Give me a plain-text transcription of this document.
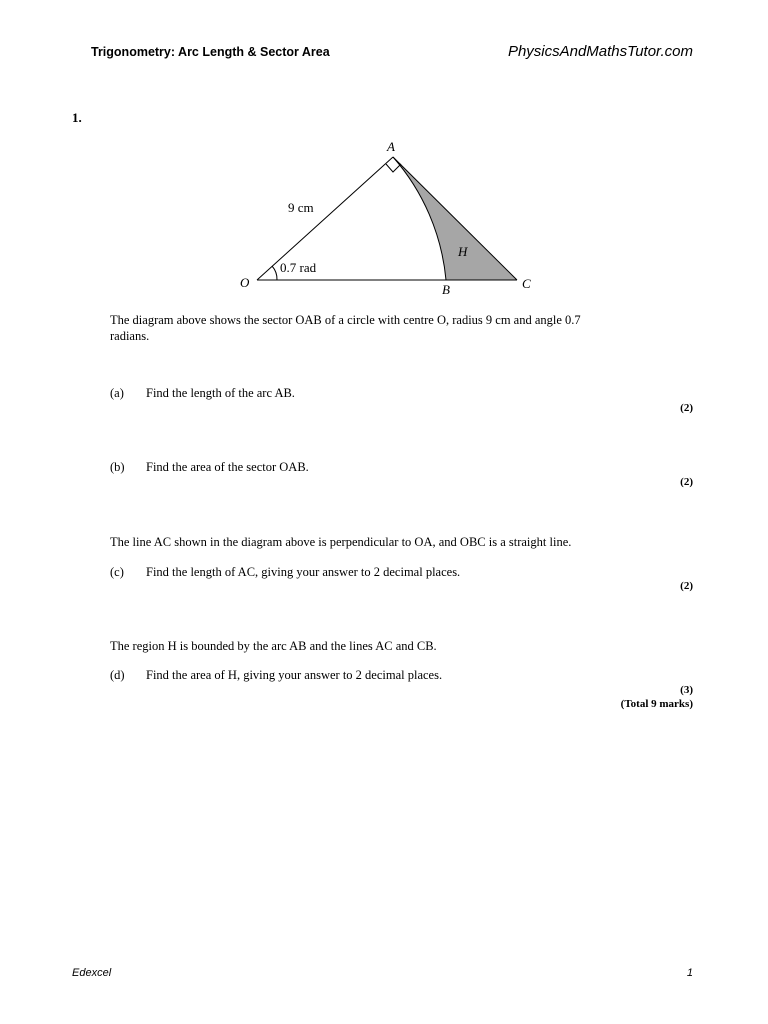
Trigonometry: Arc Length & Sector Area	PhysicsAndMathsTutor.com
1.
A
O	B	C
H
9 cm
0.7 rad
The diagram above shows the sector OAB of a circle with centre O, radius 9 cm and angle 0.7
radians.
(a) Find the length of the arc AB.
(2)
(b) Find the area of the sector OAB.
(2)
The line AC shown in the diagram above is perpendicular to OA, and OBC is a straight line.
(c) Find the length of AC, giving your answer to 2 decimal places.
(2)
The region H is bounded by the arc AB and the lines AC and CB.
(d) Find the area of H, giving your answer to 2 decimal places.
(3)
(Total 9 marks)
Edexcel	1
